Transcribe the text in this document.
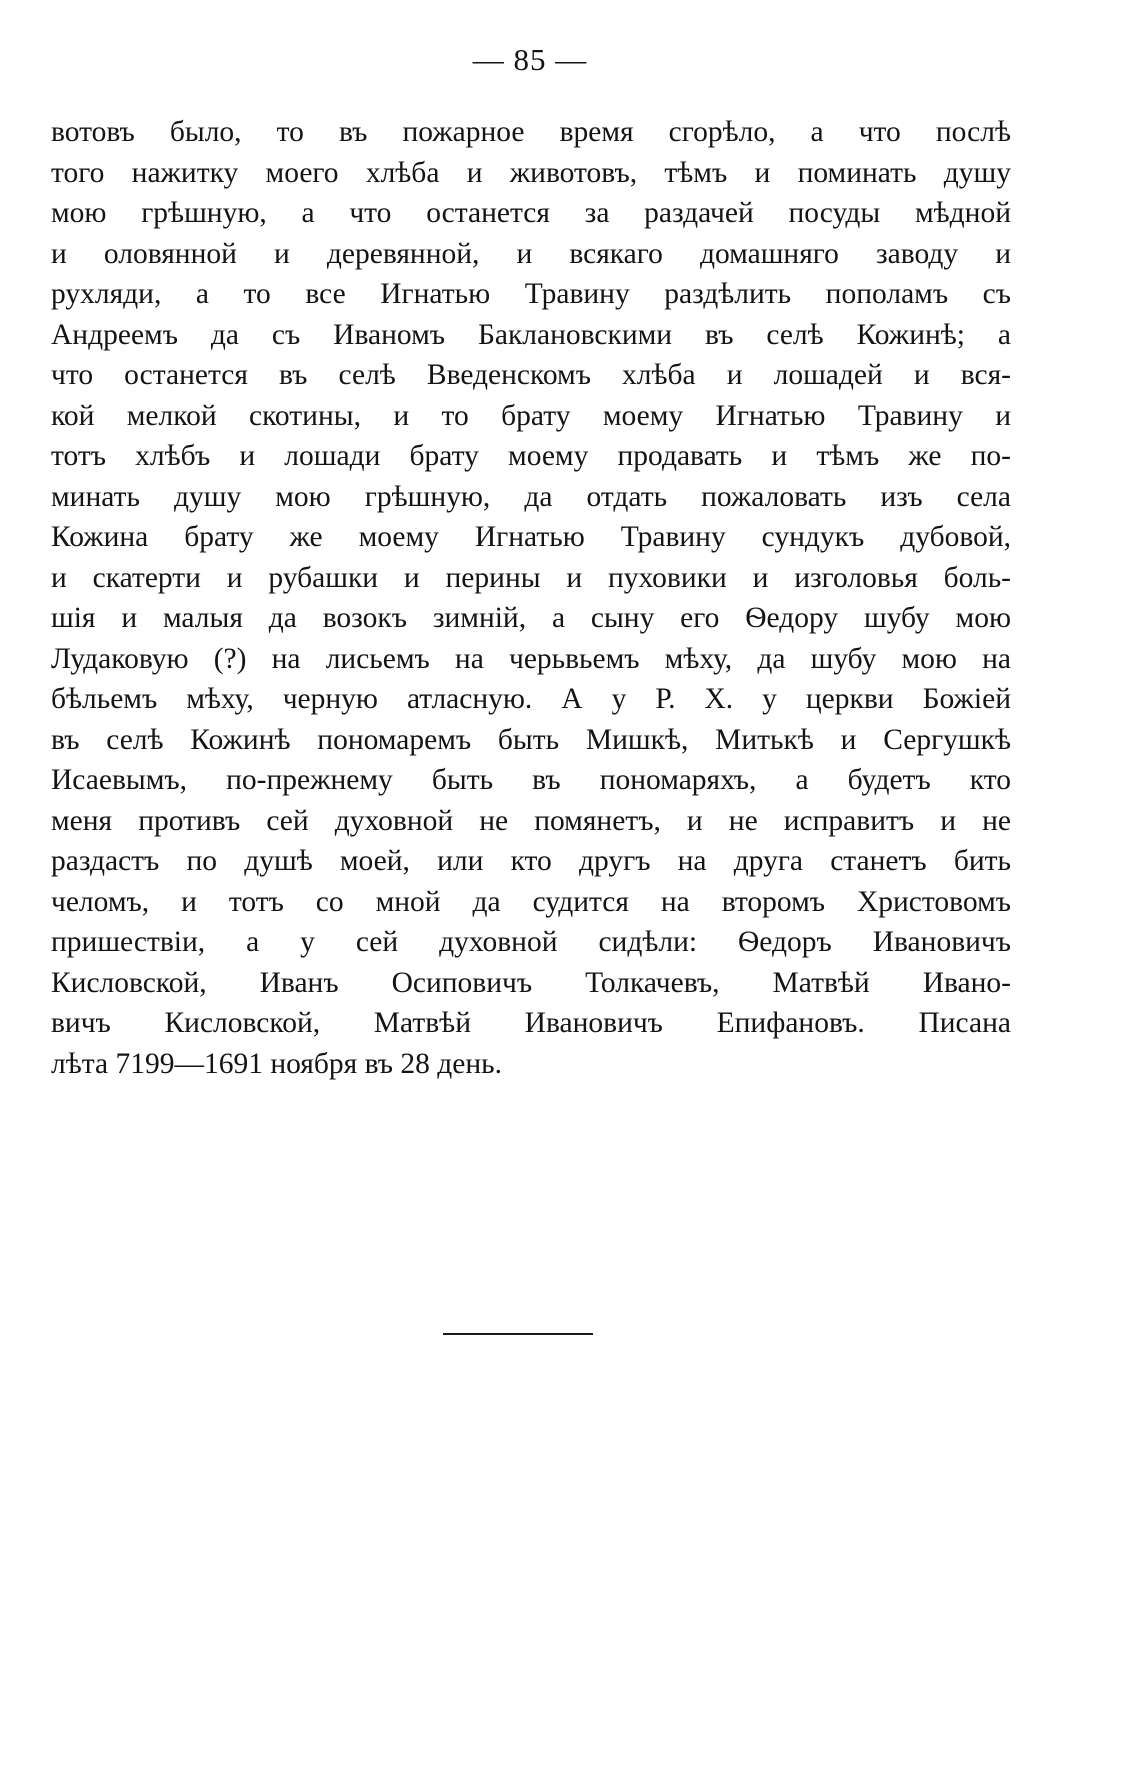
— 85 —
вотовъ было, то въ пожарное время сгорѣло, а что послѣ
того нажитку моего хлѣба и животовъ, тѣмъ и поминать душу
мою грѣшную, а что останется за раздачей посуды мѣдной
и оловянной и деревянной, и всякаго домашняго заводу и
рухляди, а то все Игнатью Травину раздѣлить пополамъ съ
Андреемъ да съ Иваномъ Баклановскими въ селѣ Кожинѣ; а
что останется въ селѣ Введенскомъ хлѣба и лошадей и вся-
кой мелкой скотины, и то брату моему Игнатью Травину и
тотъ хлѣбъ и лошади брату моему продавать и тѣмъ же по-
минать душу мою грѣшную, да отдать пожаловать изъ села
Кожина брату же моему Игнатью Травину сундукъ дубовой,
и скатерти и рубашки и перины и пуховики и изголовья боль-
шія и малыя да возокъ зимній, а сыну его Ѳедору шубу мою
Лудаковую (?) на лисьемъ на черьвьемъ мѣху, да шубу мою на
бѣльемъ мѣху, черную атласную. А у Р. Х. у церкви Божіей
въ селѣ Кожинѣ пономаремъ быть Мишкѣ, Митькѣ и Сергушкѣ
Исаевымъ, по-прежнему быть въ пономаряхъ, а будетъ кто
меня противъ сей духовной не помянетъ, и не исправитъ и не
раздастъ по душѣ моей, или кто другъ на друга станетъ бить
челомъ, и тотъ со мной да судится на второмъ Христовомъ
пришествіи, а у сей духовной сидѣли: Ѳедоръ Ивановичъ
Кисловской, Иванъ Осиповичъ Толкачевъ, Матвѣй Ивано-
вичъ Кисловской, Матвѣй Ивановичъ Епифановъ. Писана
лѣта 7199—1691 ноября въ 28 день.
